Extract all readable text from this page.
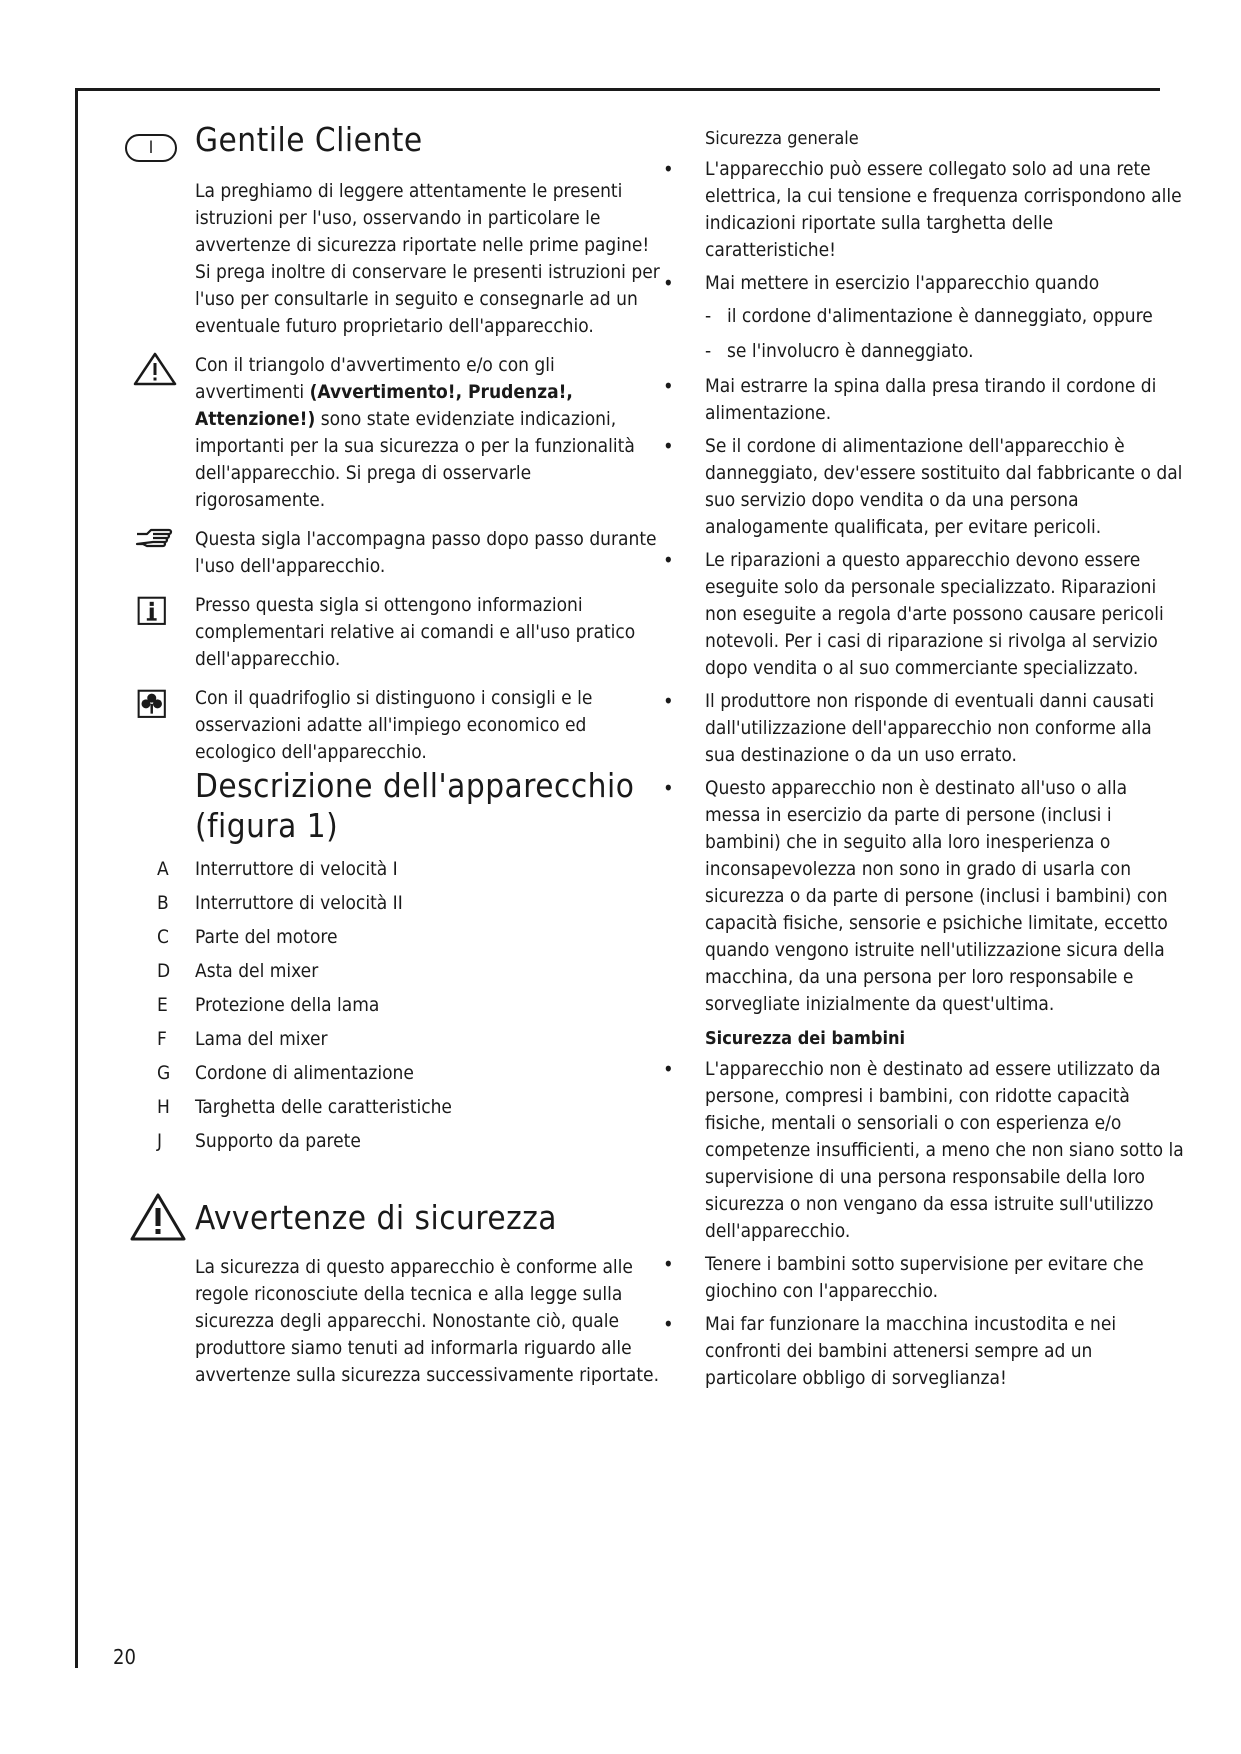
I	Gentile Cliente

La preghiamo di leggere attentamente le presenti istruzioni per l'uso, osservando in particolare le avvertenze di sicurezza riportate nelle prime pagine! Si prega inoltre di conservare le presenti istruzioni per l'uso per consultarle in seguito e consegnarle ad un eventuale futuro proprietario dell'apparecchio.

Con il triangolo d'avvertimento e/o con gli avvertimenti (Avvertimento!, Prudenza!, Attenzione!) sono state evidenziate indicazioni, importanti per la sua sicurezza o per la funzionalità dell'apparecchio. Si prega di osservarle rigorosamente.

Questa sigla l'accompagna passo dopo passo durante l'uso dell'apparecchio.

Presso questa sigla si ottengono informazioni complementari relative ai comandi e all'uso pratico dell'apparecchio.

Con il quadrifoglio si distinguono i consigli e le osservazioni adatte all'impiego economico ed ecologico dell'apparecchio.

Descrizione dell'apparecchio
(figura 1)
A Interruttore di velocità I
B Interruttore di velocità II
C Parte del motore
D Asta del mixer
E Protezione della lama
F Lama del mixer
G Cordone di alimentazione
H Targhetta delle caratteristiche
J Supporto da parete
Avvertenze di sicurezza

La sicurezza di questo apparecchio è conforme alle regole riconosciute della tecnica e alla legge sulla sicurezza degli apparecchi. Nonostante ciò, quale produttore siamo tenuti ad informarla riguardo alle avvertenze sulla sicurezza successivamente riportate.

Sicurezza generale

• L'apparecchio può essere collegato solo ad una rete elettrica, la cui tensione e frequenza corrispondono alle indicazioni riportate sulla targhetta delle caratteristiche!

• Mai mettere in esercizio l'apparecchio quando

- il cordone d'alimentazione è danneggiato, oppure

- se l'involucro è danneggiato.

• Mai estrarre la spina dalla presa tirando il cordone di alimentazione.

• Se il cordone di alimentazione dell'apparecchio è danneggiato, dev'essere sostituito dal fabbricante o dal suo servizio dopo vendita o da una persona analogamente qualificata, per evitare pericoli.

• Le riparazioni a questo apparecchio devono essere eseguite solo da personale specializzato. Riparazioni non eseguite a regola d'arte possono causare pericoli notevoli. Per i casi di riparazione si rivolga al servizio dopo vendita o al suo commerciante specializzato.

• Il produttore non risponde di eventuali danni causati dall'utilizzazione dell'apparecchio non conforme alla sua destinazione o da un uso errato.

• Questo apparecchio non è destinato all'uso o alla messa in esercizio da parte di persone (inclusi i bambini) che in seguito alla loro inesperienza o inconsapevolezza non sono in grado di usarla con sicurezza o da parte di persone (inclusi i bambini) con capacità fisiche, sensorie e psichiche limitate, eccetto quando vengono istruite nell'utilizzazione sicura della macchina, da una persona per loro responsabile e sorvegliate inizialmente da quest'ultima.

Sicurezza dei bambini

• L'apparecchio non è destinato ad essere utilizzato da persone, compresi i bambini, con ridotte capacità fisiche, mentali o sensoriali o con esperienza e/o competenze insufficienti, a meno che non siano sotto la supervisione di una persona responsabile della loro sicurezza o non vengano da essa istruite sull'utilizzo dell'apparecchio.

• Tenere i bambini sotto supervisione per evitare che giochino con l'apparecchio.

• Mai far funzionare la macchina incustodita e nei confronti dei bambini attenersi sempre ad un particolare obbligo di sorveglianza!

20
